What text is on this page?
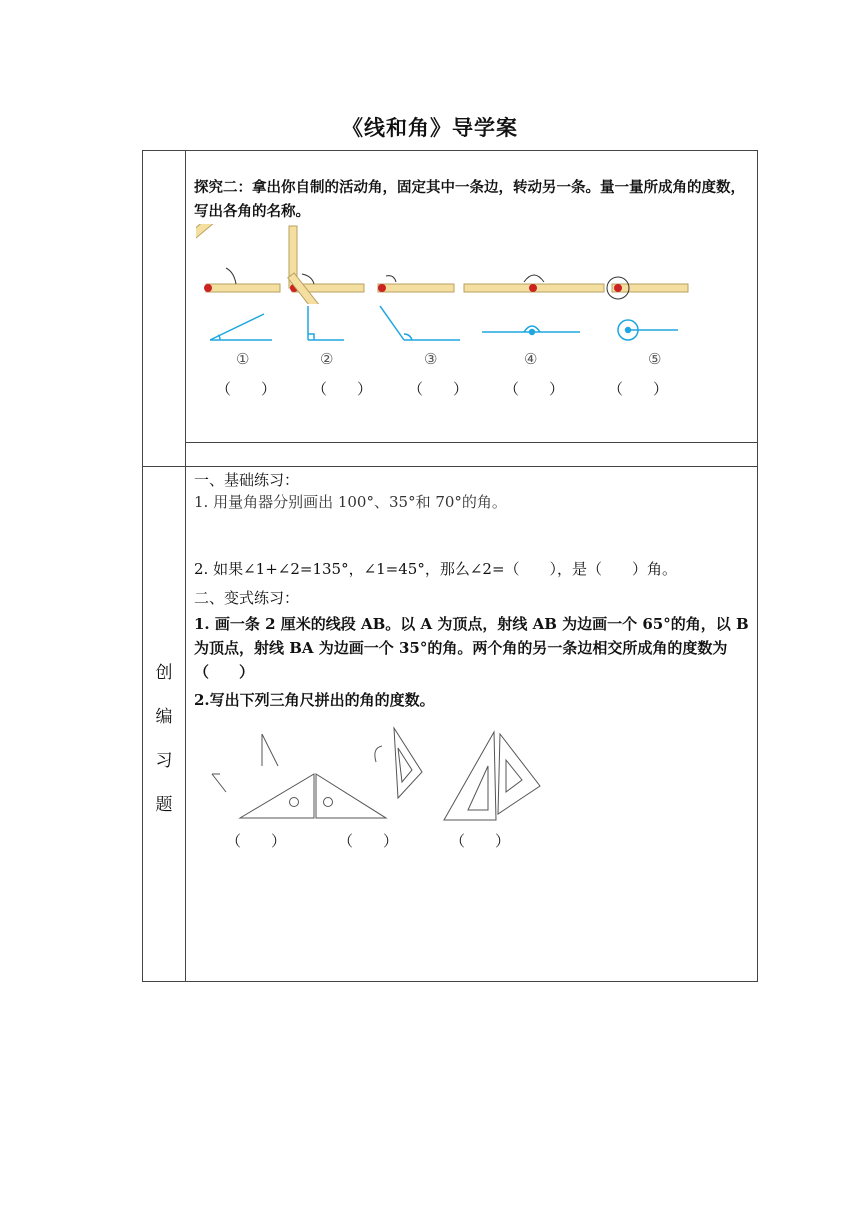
《线和角》导学案
探究二：拿出你自制的活动角，固定其中一条边，转动另一条。量一量所成角的度数，写出各角的名称。
①	②	③	④	⑤
（　　） （　　） （　　） （　　）	（　　）
创
编
习
题
一、基础练习：
1. 用量角器分别画出 100°、35°和 70°的角。
2. 如果∠1+∠2=135°，∠1=45°，那么∠2=（　　），是（　　）角。
二、变式练习：
1. 画一条 2 厘米的线段 AB。以 A 为顶点，射线 AB 为边画一个 65°的角，以 B 为顶点，射线 BA 为边画一个 35°的角。两个角的另一条边相交所成角的度数为（　　）
2.写出下列三角尺拼出的角的度数。
（　　）	（　　）	（　　）
